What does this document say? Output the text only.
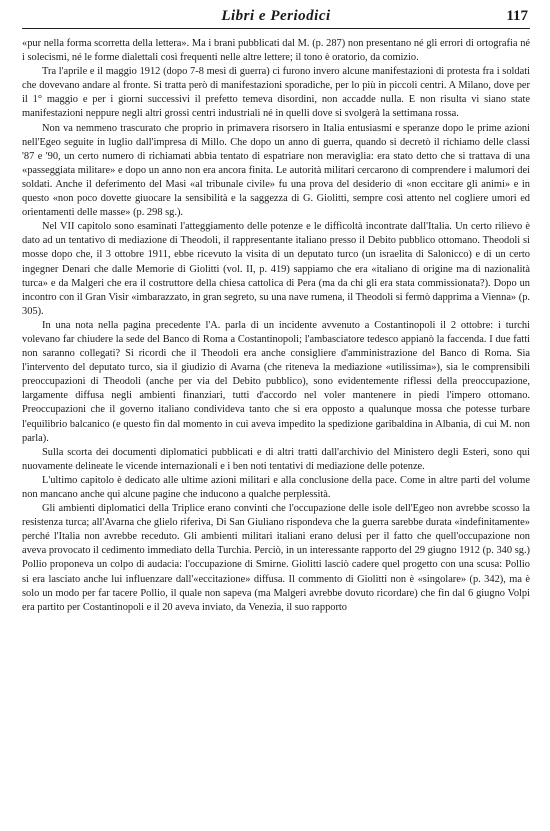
Libri e Periodici	117

«pur nella forma scorretta della lettera». Ma i brani pubblicati dal M. (p. 287) non presentano né gli errori di ortografia né i solecismi, né le forme dialettali così frequenti nelle altre lettere; il tono è oratorio, da comizio.

Tra l'aprile e il maggio 1912 (dopo 7-8 mesi di guerra) ci furono invero alcune manifestazioni di protesta fra i soldati che dovevano andare al fronte. Si tratta però di manifestazioni sporadiche, per lo più in piccoli centri. A Milano, dove per il 1° maggio e per i giorni successivi il prefetto temeva disordini, non accadde nulla. E non risulta vi siano state manifestazioni neppure negli altri grossi centri industriali né in quelli dove si svolgerà la settimana rossa.

Non va nemmeno trascurato che proprio in primavera risorsero in Italia entusiasmi e speranze dopo le prime azioni nell'Egeo seguite in luglio dall'impresa di Millo. Che dopo un anno di guerra, quando si decretò il richiamo delle classi '87 e '90, un certo numero di richiamati abbia tentato di espatriare non meraviglia: era stato detto che si trattava di una «passeggiata militare» e dopo un anno non era ancora finita. Le autorità militari cercarono di comprendere i malumori dei soldati. Anche il deferimento del Masi «al tribunale civile» fu una prova del desiderio di «non eccitare gli animi» e in questo «non poco dovette giuocare la sensibilità e la saggezza di G. Giolitti, sempre così attento nel cogliere umori ed orientamenti delle masse» (p. 298 sg.).

Nel VII capitolo sono esaminati l'atteggiamento delle potenze e le difficoltà incontrate dall'Italia. Un certo rilievo è dato ad un tentativo di mediazione di Theodoli, il rappresentante italiano presso il Debito pubblico ottomano. Theodoli si mosse dopo che, il 3 ottobre 1911, ebbe ricevuto la visita di un deputato turco (un israelita di Salonicco) e di un certo ingegner Denari che dalle Memorie di Giolitti (vol. II, p. 419) sappiamo che era «italiano di origine ma di nazionalità turca» e da Malgeri che era il costruttore della chiesa cattolica di Pera (ma da chi gli era stata commissionata?). Dopo un incontro con il Gran Visir «imbarazzato, in gran segreto, su una nave rumena, il Theodoli si fermò dapprima a Vienna» (p. 305).

In una nota nella pagina precedente l'A. parla di un incidente avvenuto a Costantinopoli il 2 ottobre: i turchi volevano far chiudere la sede del Banco di Roma a Costantinopoli; l'ambasciatore tedesco appianò la faccenda. I due fatti non saranno collegati? Si ricordi che il Theodoli era anche consigliere d'amministrazione del Banco di Roma. Sia l'intervento del deputato turco, sia il giudizio di Avarna (che riteneva la mediazione «utilissima»), sia le comprensibili preoccupazioni di Theodoli (anche per via del Debito pubblico), sono evidentemente riflessi della preoccupazione, largamente diffusa negli ambienti finanziari, tutti d'accordo nel voler mantenere in piedi l'impero ottomano. Preoccupazioni che il governo italiano condivideva tanto che si era opposto a qualunque mossa che potesse turbare l'equilibrio balcanico (e questo fin dal momento in cui aveva impedito la spedizione garibaldina in Albania, di cui M. non parla).

Sulla scorta dei documenti diplomatici pubblicati e di altri tratti dall'archivio del Ministero degli Esteri, sono qui nuovamente delineate le vicende internazionali e i ben noti tentativi di mediazione delle potenze.

L'ultimo capitolo è dedicato alle ultime azioni militari e alla conclusione della pace. Come in altre parti del volume non mancano anche qui alcune pagine che inducono a qualche perplessità.

Gli ambienti diplomatici della Triplice erano convinti che l'occupazione delle isole dell'Egeo non avrebbe scosso la resistenza turca; all'Avarna che glielo riferiva, Di San Giuliano rispondeva che la guerra sarebbe durata «indefinitamente» perché l'Italia non avrebbe receduto. Gli ambienti militari italiani erano delusi per il fatto che quell'occupazione non aveva provocato il cedimento immediato della Turchia. Perciò, in un interessante rapporto del 29 giugno 1912 (p. 340 sg.) Pollio proponeva un colpo di audacia: l'occupazione di Smirne. Giolitti lasciò cadere quel progetto con una scusa: Pollio si era lasciato anche lui influenzare dall'«eccitazione» diffusa. Il commento di Giolitti non è «singolare» (p. 342), ma è solo un modo per far tacere Pollio, il quale non sapeva (ma Malgeri avrebbe dovuto ricordare) che fin dal 6 giugno Volpi era partito per Costantinopoli e il 20 aveva inviato, da Venezia, il suo rapporto
